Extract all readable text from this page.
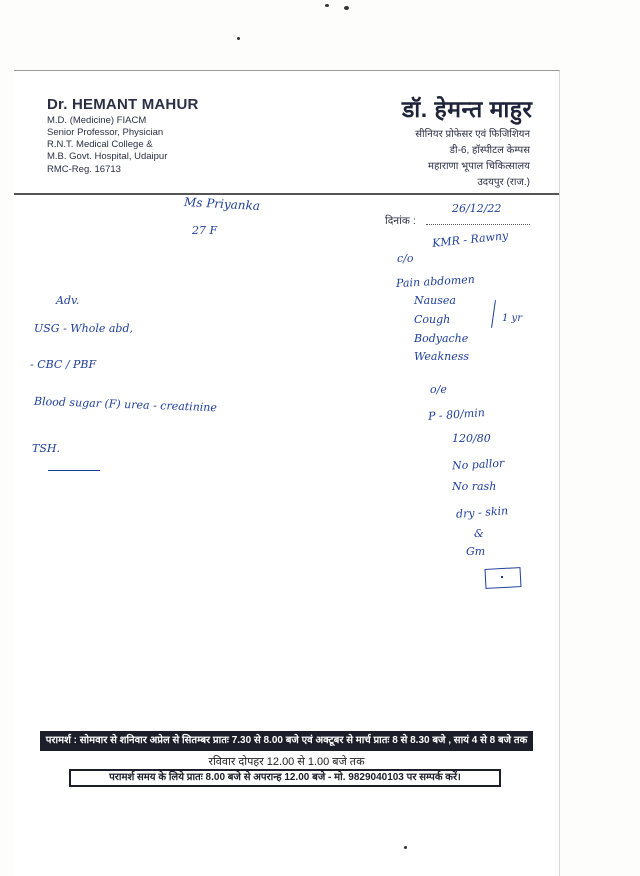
Dr. HEMANT MAHUR
M.D. (Medicine) FIACM
Senior Professor, Physician
R.N.T. Medical College &
M.B. Govt. Hospital, Udaipur
RMC-Reg. 16713
डॉ. हेमन्त माहुर
सीनियर प्रोफेसर एवं फिजिशियन
डी-6, हॉस्पीटल केम्पस
महाराणा भूपाल चिकित्सालय
उदयपुर (राज.)
Ms Priyanka
27 F
दिनांक :
26/12/22
KMR - Rawny
c/o
Pain abdomen
Nausea
Cough
Bodyache
Weakness
1 yr
o/e
P - 80/min
120/80
No pallor
No rash
dry - skin
&
Gm
Adv.
USG - Whole abd,
- CBC / PBF
Blood sugar (F) urea - creatinine
TSH.
परामर्श : सोमवार से शनिवार अप्रेल से सितम्बर प्रातः 7.30 से 8.00 बजे एवं अक्टूबर से मार्च प्रातः 8 से 8.30 बजे , सायं 4 से 8 बजे तक
रविवार दोपहर 12.00 से 1.00 बजे तक
परामर्श समय के लिये प्रातः 8.00 बजे से अपरान्ह 12.00 बजे - मो. 9829040103 पर सम्पर्क करें।
